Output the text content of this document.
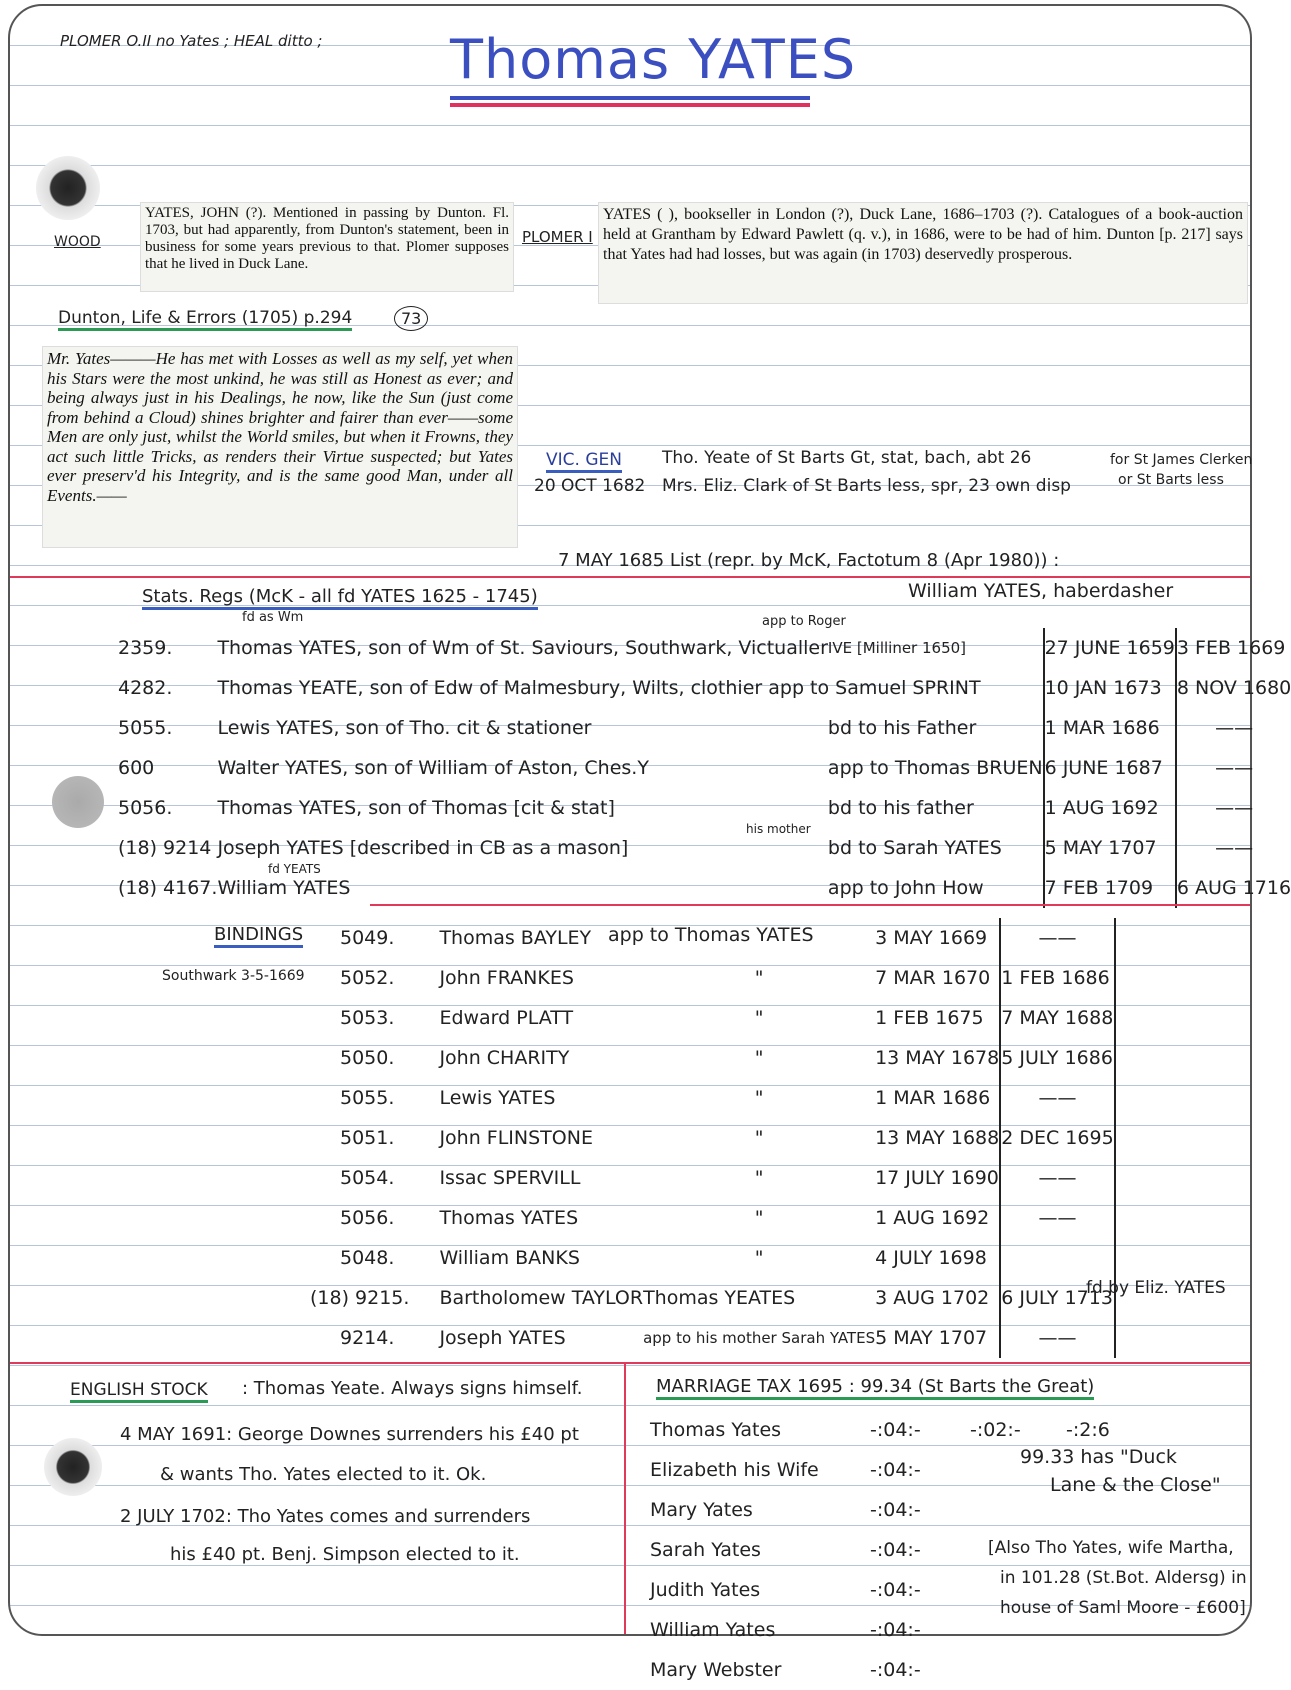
PLOMER O.II no Yates ; HEAL ditto ; Thomas YATES
WOOD
YATES, JOHN (?). Mentioned in passing by Dunton. Fl. 1703, but had apparently, from Dunton's statement, been in business for some years previous to that. Plomer supposes that he lived in Duck Lane.
PLOMER I
YATES ( ), bookseller in London (?), Duck Lane, 1686–1703 (?). Catalogues of a book-auction held at Grantham by Edward Pawlett (q. v.), in 1686, were to be had of him. Dunton [p. 217] says that Yates had had losses, but was again (in 1703) deservedly prosperous.
Dunton, Life & Errors (1705) p.294	73
Mr. Yates———He has met with Losses as well as my self, yet when his Stars were the most unkind, he was still as Honest as ever; and being always just in his Dealings, he now, like the Sun (just come from behind a Cloud) shines brighter and fairer than ever——some Men are only just, whilst the World smiles, but when it Frowns, they act such little Tricks, as renders their Virtue suspected; but Yates ever preserv'd his Integrity, and is the same good Man, under all Events.——
VIC. GEN
20 OCT 1682
Tho. Yeate of St Barts Gt, stat, bach, abt 26
Mrs. Eliz. Clark of St Barts less, spr, 23 own disp
for St James Clerken
or St Barts less
7 MAY 1685 List (repr. by McK, Factotum 8 (Apr 1980)) :
William YATES, haberdasher
Stats. Regs (McK - all fd YATES 1625 - 1745)
2359.	Thomas YATES, son of Wm of St. Saviours, Southwark, Victualler	IVE [Milliner 1650]	27 JUNE 1659	3 FEB 1669
4282.	Thomas YEATE, son of Edw of Malmesbury, Wilts, clothier app to Samuel SPRINT		10 JAN 1673	8 NOV 1680
5055.	Lewis YATES, son of Tho. cit & stationer	bd to his Father	1 MAR 1686	——
600	Walter YATES, son of William of Aston, Ches.Y	app to Thomas BRUEN	6 JUNE 1687	——
5056.	Thomas YATES, son of Thomas [cit & stat]	bd to his father	1 AUG 1692	——
(18) 9214	Joseph YATES [described in CB as a mason]	bd to Sarah YATES	5 MAY 1707	——
(18) 4167.	William YATES	app to John How	7 FEB 1709	6 AUG 1716
fd as Wm	app to Roger
his mother
fd YEATS
BINDINGS
Southwark 3-5-1669
app to Thomas YATES
fd by Eliz. YATES
5049.	Thomas BAYLEY		3 MAY 1669	——
5052.	John FRANKES	"	7 MAR 1670	1 FEB 1686
5053.	Edward PLATT	"	1 FEB 1675	7 MAY 1688
5050.	John CHARITY	"	13 MAY 1678	5 JULY 1686
5055.	Lewis YATES	"	1 MAR 1686	——
5051.	John FLINSTONE	"	13 MAY 1688	2 DEC 1695
5054.	Issac SPERVILL	"	17 JULY 1690	——
5056.	Thomas YATES	"	1 AUG 1692	——
5048.	William BANKS	"	4 JULY 1698	
(18) 9215.	Bartholomew TAYLOR	Thomas YEATES	3 AUG 1702	6 JULY 1713
9214.	Joseph YATES	app to his mother Sarah YATES	5 MAY 1707	——
ENGLISH STOCK : Thomas Yeate. Always signs himself.
4 MAY 1691: George Downes surrenders his £40 pt
& wants Tho. Yates elected to it. Ok.
2 JULY 1702: Tho Yates comes and surrenders
his £40 pt. Benj. Simpson elected to it.
MARRIAGE TAX 1695 : 99.34 (St Barts the Great)
Thomas Yates	-:04:-	-:02:-	-:2:6
Elizabeth his Wife	-:04:-		
Mary Yates	-:04:-		
Sarah Yates	-:04:-		
Judith Yates	-:04:-		
William Yates	-:04:-		
Mary Webster	-:04:-		
99.33 has "Duck
Lane & the Close"
[Also Tho Yates, wife Martha,
in 101.28 (St.Bot. Aldersg) in
house of Saml Moore - £600]
